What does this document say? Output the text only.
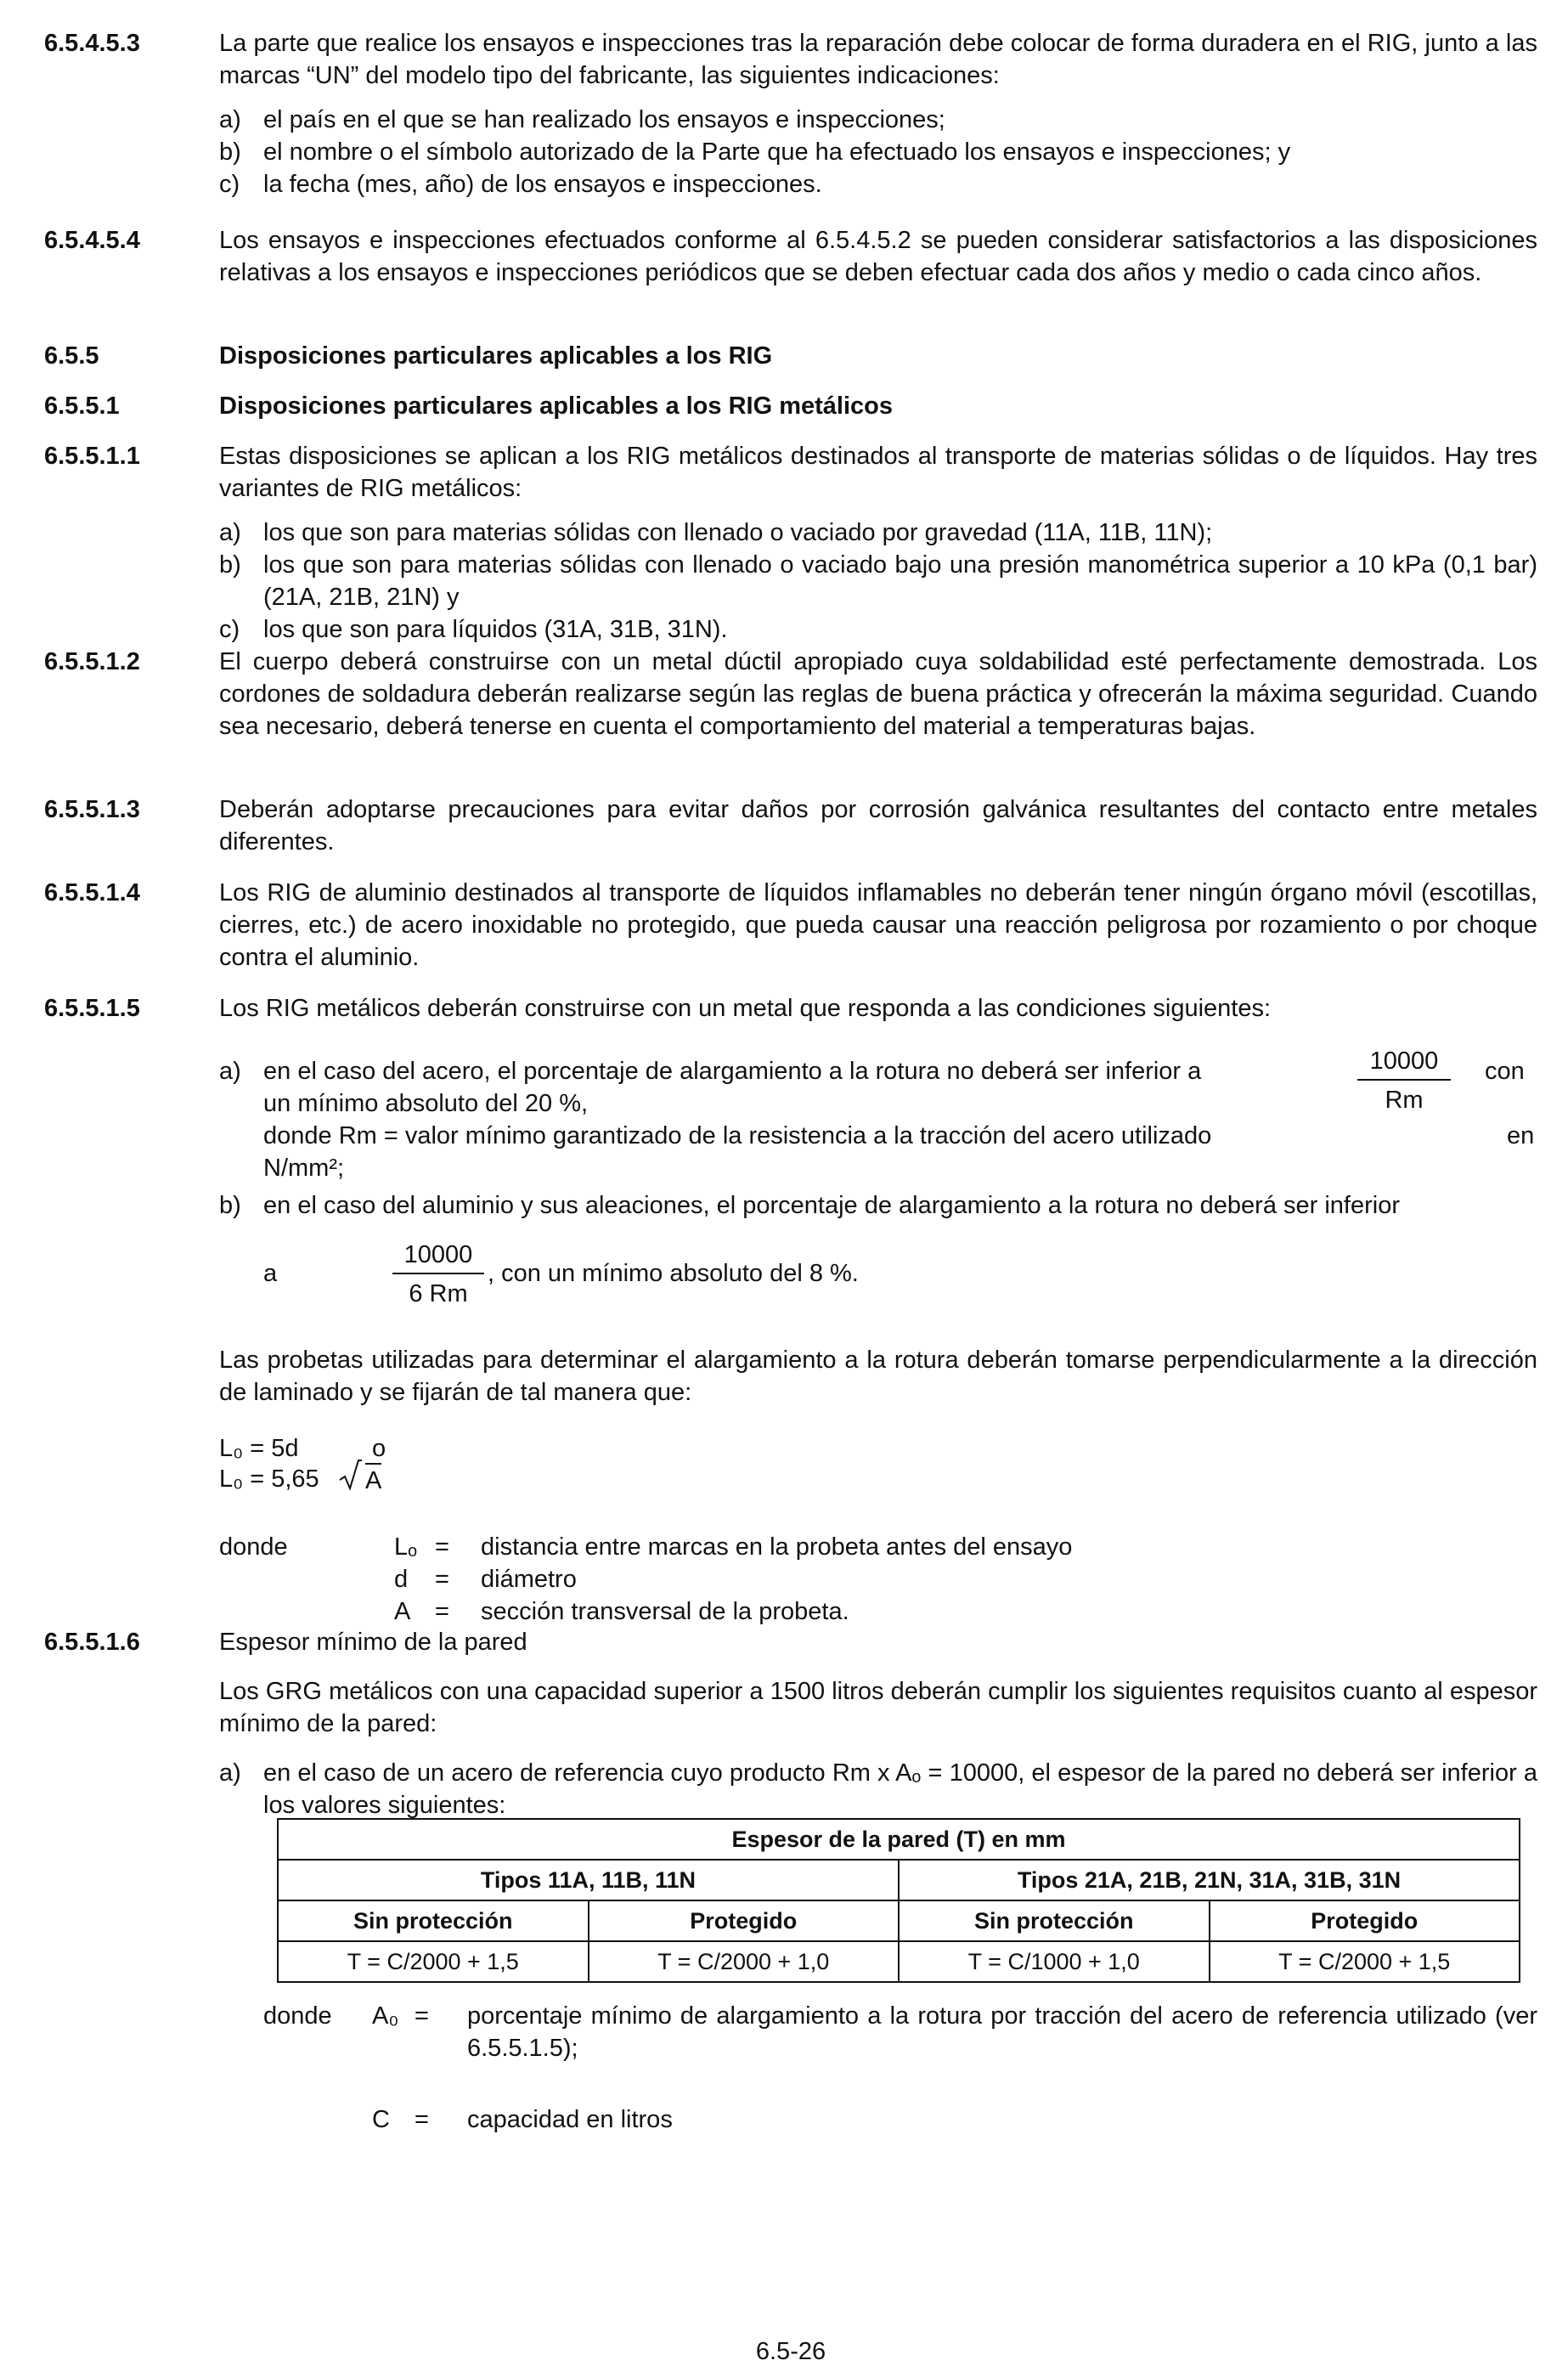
6.5.4.5.3	La parte que realice los ensayos e inspecciones tras la reparación debe colocar de forma duradera en el RIG, junto a las marcas “UN” del modelo tipo del fabricante, las siguientes indicaciones:
a) el país en el que se han realizado los ensayos e inspecciones;
b) el nombre o el símbolo autorizado de la Parte que ha efectuado los ensayos e inspecciones; y
c) la fecha (mes, año) de los ensayos e inspecciones.
6.5.4.5.4	Los ensayos e inspecciones efectuados conforme al 6.5.4.5.2 se pueden considerar satisfactorios a las disposiciones relativas a los ensayos e inspecciones periódicos que se deben efectuar cada dos años y medio o cada cinco años.
6.5.5	Disposiciones particulares aplicables a los RIG
6.5.5.1	Disposiciones particulares aplicables a los RIG metálicos
6.5.5.1.1	Estas disposiciones se aplican a los RIG metálicos destinados al transporte de materias sólidas o de líquidos. Hay tres variantes de RIG metálicos:
a) los que son para materias sólidas con llenado o vaciado por gravedad (11A, 11B, 11N);
b) los que son para materias sólidas con llenado o vaciado bajo una presión manométrica superior a 10 kPa (0,1 bar) (21A, 21B, 21N) y
c) los que son para líquidos (31A, 31B, 31N).
6.5.5.1.2	El cuerpo deberá construirse con un metal dúctil apropiado cuya soldabilidad esté perfectamente demostrada. Los cordones de soldadura deberán realizarse según las reglas de buena práctica y ofrecerán la máxima seguridad. Cuando sea necesario, deberá tenerse en cuenta el comportamiento del material a temperaturas bajas.
6.5.5.1.3	Deberán adoptarse precauciones para evitar daños por corrosión galvánica resultantes del contacto entre metales diferentes.
6.5.5.1.4	Los RIG de aluminio destinados al transporte de líquidos inflamables no deberán tener ningún órgano móvil (escotillas, cierres, etc.) de acero inoxidable no protegido, que pueda causar una reacción peligrosa por rozamiento o por choque contra el aluminio.
6.5.5.1.5	Los RIG metálicos deberán construirse con un metal que responda a las condiciones siguientes:
a) en el caso del acero, el porcentaje de alargamiento a la rotura no deberá ser inferior a	10000
Rm
con
un mínimo absoluto del 20 %,
donde Rm = valor mínimo garantizado de la resistencia a la tracción del acero utilizado	en
N/mm²;
b) en el caso del aluminio y sus aleaciones, el porcentaje de alargamiento a la rotura no deberá ser inferior
a
10000
6 Rm
, con un mínimo absoluto del 8 %.
Las probetas utilizadas para determinar el alargamiento a la rotura deberán tomarse perpendicularmente a la dirección de laminado y se fijarán de tal manera que:
L₀ = 5d	o
L₀ = 5,65 A
donde	Lₒ = distancia entre marcas en la probeta antes del ensayo
d = diámetro
A = sección transversal de la probeta.
6.5.5.1.6	Espesor mínimo de la pared
Los GRG metálicos con una capacidad superior a 1500 litros deberán cumplir los siguientes requisitos cuanto al espesor mínimo de la pared:
a) en el caso de un acero de referencia cuyo producto Rm x Aₒ = 10000, el espesor de la pared no deberá ser inferior a los valores siguientes:
Espesor de la pared (T) en mm			
Tipos 11A, 11B, 11N		Tipos 21A, 21B, 21N, 31A, 31B, 31N	
Sin protección	Protegido	Sin protección	Protegido
T = C/2000 + 1,5	T = C/2000 + 1,0	T = C/1000 + 1,0	T = C/2000 + 1,5
donde A₀ = porcentaje mínimo de alargamiento a la rotura por tracción del acero de referencia utilizado (ver 6.5.5.1.5);
C = capacidad en litros
6.5-26
